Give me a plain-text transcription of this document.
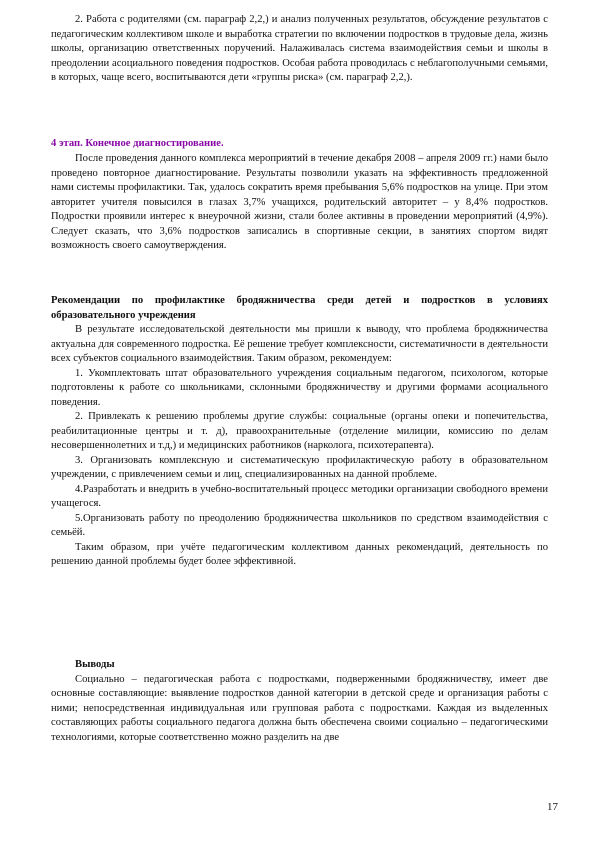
2. Работа с родителями (см. параграф 2,2,) и анализ полученных результатов, обсуждение результатов с педагогическим коллективом школе и выработка стратегии по включении подростков в трудовые дела, жизнь школы, организацию ответственных поручений. Налаживалась система взаимодействия семьи и школы в преодолении асоциального поведения подростков. Особая работа проводилась с неблагополучными семьями, в которых, чаще всего, воспитываются дети «группы риска» (см. параграф 2,2,).

4 этап. Конечное диагностирование.

После проведения данного комплекса мероприятий в течение декабря 2008 – апреля 2009 гг.) нами было проведено повторное диагностирование. Результаты позволили указать на эффективность предложенной нами системы профилактики. Так, удалось сократить время пребывания 5,6% подростков на улице. При этом авторитет учителя повысился в глазах 3,7% учащихся, родительский авторитет – у 8,4% подростков. Подростки проявили интерес к внеурочной жизни, стали более активны в проведении мероприятий (4,9%). Следует сказать, что 3,6% подростков записались в спортивные секции, в занятиях спортом видят возможность своего самоутверждения.

Рекомендации по профилактике бродяжничества среди детей и подростков в условиях образовательного учреждения

В результате исследовательской деятельности мы пришли к выводу, что проблема бродяжничества актуальна для современного подростка. Её решение требует комплексности, систематичности в деятельности всех субъектов социального взаимодействия. Таким образом, рекомендуем:

1. Укомплектовать штат образовательного учреждения социальным педагогом, психологом, которые подготовлены к работе со школьниками, склонными бродяжничеству и другими формами асоциального поведения.

2. Привлекать к решению проблемы другие службы: социальные (органы опеки и попечительства, реабилитационные центры и т. д), правоохранительные (отделение милиции, комиссию по делам несовершеннолетних и т.д,) и медицинских работников (нарколога, психотерапевта).

3. Организовать комплексную и систематическую профилактическую работу в образовательном учреждении, с привлечением семьи и лиц, специализированных на данной проблеме.

4.Разработать и внедрить в учебно-воспитательный процесс методики организации свободного времени учащегося.

5.Организовать работу по преодолению бродяжничества школьников по средством взаимодействия с семьёй.

Таким образом, при учёте педагогическим коллективом данных рекомендаций, деятельность по решению данной проблемы будет более эффективной.

Выводы

Социально – педагогическая работа с подростками, подверженными бродяжничеству, имеет две основные составляющие: выявление подростков данной категории в детской среде и организация работы с ними; непосредственная индивидуальная или групповая работа с подростками. Каждая из выделенных составляющих работы социального педагога должна быть обеспечена своими социально – педагогическими технологиями, которые соответственно можно разделить на две

17
